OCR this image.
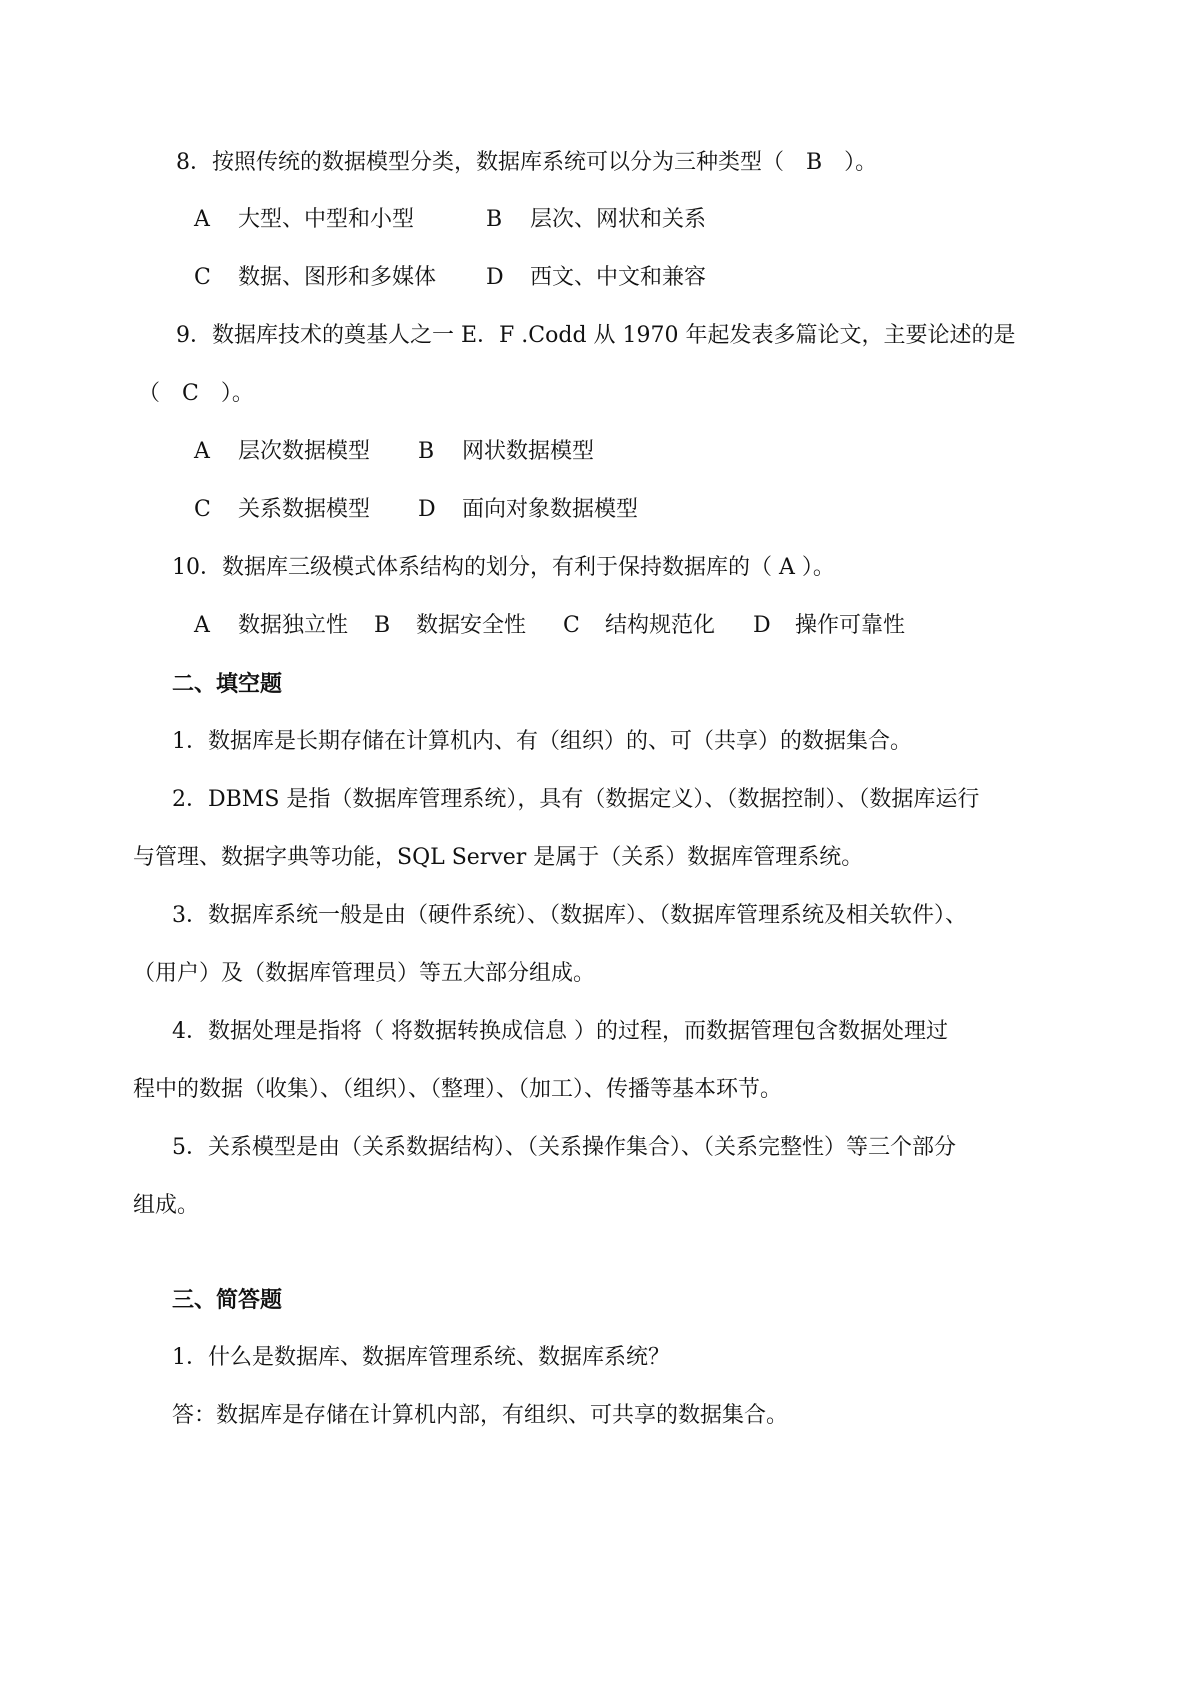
8．按照传统的数据模型分类，数据库系统可以分为三种类型（　B　）。
A 大型、中型和小型	B 层次、网状和关系
C 数据、图形和多媒体 D 西文、中文和兼容
9．数据库技术的奠基人之一 E．F .Codd 从 1970 年起发表多篇论文，主要论述的是
（　C　）。
A 层次数据模型 B 网状数据模型
C 关系数据模型 D 面向对象数据模型
10．数据库三级模式体系结构的划分，有利于保持数据库的（ A ）。
A 数据独立性 B 数据安全性 C 结构规范化 D 操作可靠性
二、填空题
1．数据库是长期存储在计算机内、有（组织）的、可（共享）的数据集合。
2．DBMS 是指（数据库管理系统），具有（数据定义）、（数据控制）、（数据库运行
与管理、数据字典等功能，SQL Server 是属于（关系）数据库管理系统。
3．数据库系统一般是由（硬件系统）、（数据库）、（数据库管理系统及相关软件）、
（用户）及（数据库管理员）等五大部分组成。
4．数据处理是指将（ 将数据转换成信息 ）的过程，而数据管理包含数据处理过
程中的数据（收集）、（组织）、（整理）、（加工）、传播等基本环节。
5．关系模型是由（关系数据结构）、（关系操作集合）、（关系完整性）等三个部分
组成。
三、简答题
1．什么是数据库、数据库管理系统、数据库系统？
答：数据库是存储在计算机内部，有组织、可共享的数据集合。
